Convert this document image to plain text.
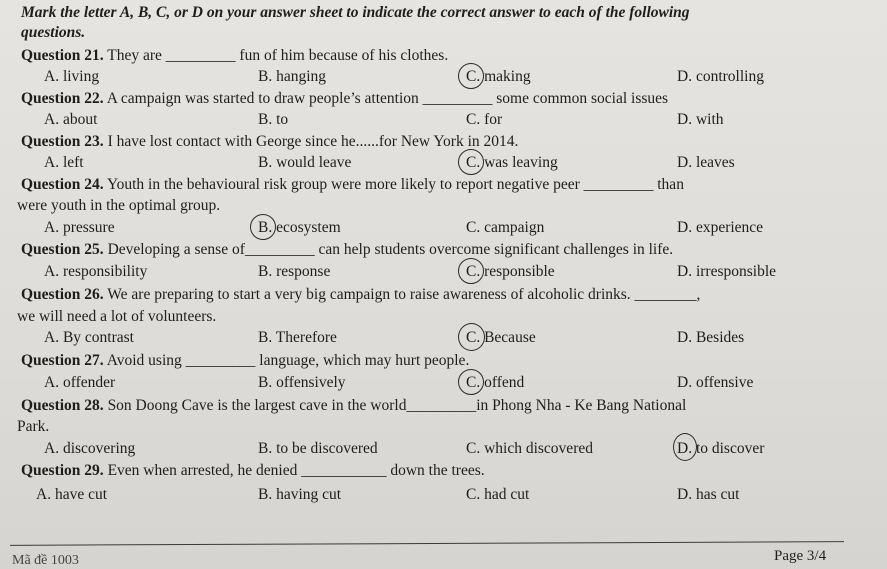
Mark the letter A, B, C, or D on your answer sheet to indicate the correct answer to each of the following
questions.
Question 21. They are _________ fun of him because of his clothes.
A. living	B. hanging	C. making	D. controlling
Question 22. A campaign was started to draw people’s attention _________ some common social issues
A. about	B. to	C. for	D. with
Question 23. I have lost contact with George since he......for New York in 2014.
A. left	B. would leave	C. was leaving	D. leaves
Question 24. Youth in the behavioural risk group were more likely to report negative peer _________ than
were youth in the optimal group.
A. pressure	B. ecosystem	C. campaign	D. experience
Question 25. Developing a sense of_________ can help students overcome significant challenges in life.
A. responsibility	B. response	C. responsible	D. irresponsible
Question 26. We are preparing to start a very big campaign to raise awareness of alcoholic drinks. ________,
we will need a lot of volunteers.
A. By contrast	B. Therefore	C. Because	D. Besides
Question 27. Avoid using _________ language, which may hurt people.
A. offender	B. offensively	C. offend	D. offensive
Question 28. Son Doong Cave is the largest cave in the world_________in Phong Nha - Ke Bang National
Park.
A. discovering	B. to be discovered	C. which discovered	D. to discover
Question 29. Even when arrested, he denied ___________ down the trees.
A. have cut	B. having cut	C. had cut	D. has cut
Mã đề 1003	Page 3/4
